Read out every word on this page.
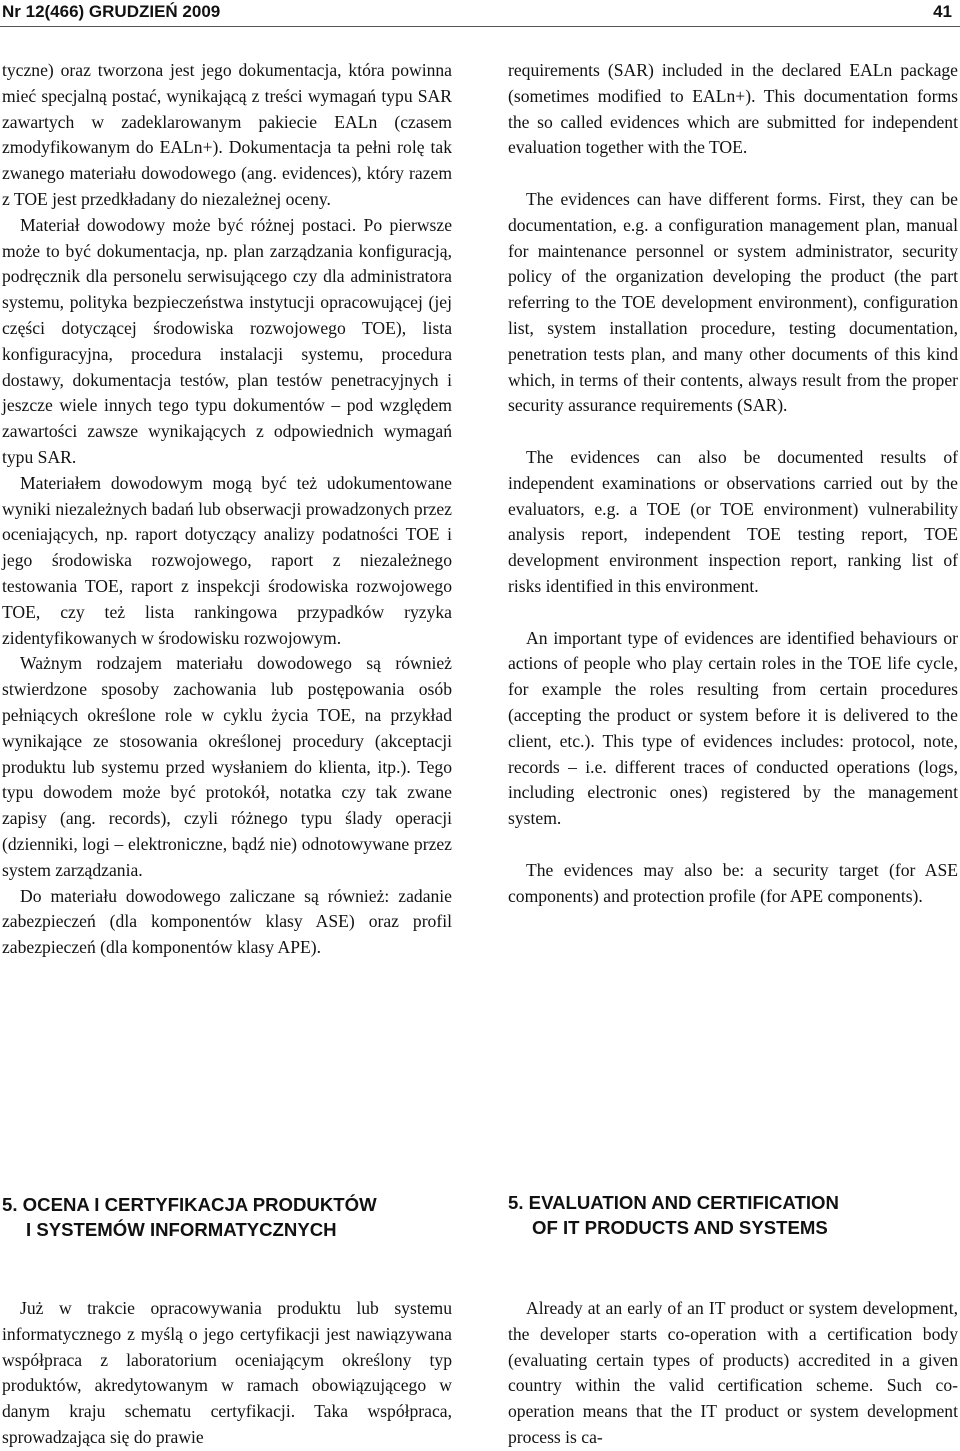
Nr 12(466) GRUDZIEŃ 2009	41

tyczne) oraz tworzona jest jego dokumentacja, która powinna mieć specjalną postać, wynikającą z treści wymagań typu SAR zawartych w zadeklarowanym pakiecie EALn (czasem zmodyfikowanym do EALn+). Dokumentacja ta pełni rolę tak zwanego materiału dowodowego (ang. evidences), który razem z TOE jest przedkładany do niezależnej oceny.

Materiał dowodowy może być różnej postaci. Po pierwsze może to być dokumentacja, np. plan zarządzania konfiguracją, podręcznik dla personelu serwisującego czy dla administratora systemu, polityka bezpieczeństwa instytucji opracowującej (jej części dotyczącej środowiska rozwojowego TOE), lista konfiguracyjna, procedura instalacji systemu, procedura dostawy, dokumentacja testów, plan testów penetracyjnych i jeszcze wiele innych tego typu dokumentów – pod względem zawartości zawsze wynikających z odpowiednich wymagań typu SAR.

Materiałem dowodowym mogą być też udokumentowane wyniki niezależnych badań lub obserwacji prowadzonych przez oceniających, np. raport dotyczący analizy podatności TOE i jego środowiska rozwojowego, raport z niezależnego testowania TOE, raport z inspekcji środowiska rozwojowego TOE, czy też lista rankingowa przypadków ryzyka zidentyfikowanych w środowisku rozwojowym.

Ważnym rodzajem materiału dowodowego są również stwierdzone sposoby zachowania lub postępowania osób pełniących określone role w cyklu życia TOE, na przykład wynikające ze stosowania określonej procedury (akceptacji produktu lub systemu przed wysłaniem do klienta, itp.). Tego typu dowodem może być protokół, notatka czy tak zwane zapisy (ang. records), czyli różnego typu ślady operacji (dzienniki, logi – elektroniczne, bądź nie) odnotowywane przez system zarządzania.

Do materiału dowodowego zaliczane są również: zadanie zabezpieczeń (dla komponentów klasy ASE) oraz profil zabezpieczeń (dla komponentów klasy APE).

requirements (SAR) included in the declared EALn package (sometimes modified to EALn+). This documentation forms the so called evidences which are submitted for independent evaluation together with the TOE.

The evidences can have different forms. First, they can be documentation, e.g. a configuration management plan, manual for maintenance personnel or system administrator, security policy of the organization developing the product (the part referring to the TOE development environment), configuration list, system installation procedure, testing documentation, penetration tests plan, and many other documents of this kind which, in terms of their contents, always result from the proper security assurance requirements (SAR).

The evidences can also be documented results of independent examinations or observations carried out by the evaluators, e.g. a TOE (or TOE environment) vulnerability analysis report, independent TOE testing report, TOE development environment inspection report, ranking list of risks identified in this environment.

An important type of evidences are identified behaviours or actions of people who play certain roles in the TOE life cycle, for example the roles resulting from certain procedures (accepting the product or system before it is delivered to the client, etc.). This type of evidences includes: protocol, note, records – i.e. different traces of conducted operations (logs, including electronic ones) registered by the management system.

The evidences may also be: a security target (for ASE components) and protection profile (for APE components).

5. OCENA I CERTYFIKACJA PRODUKTÓW
I SYSTEMÓW INFORMATYCZNYCH
5. EVALUATION AND CERTIFICATION
OF IT PRODUCTS AND SYSTEMS

Już w trakcie opracowywania produktu lub systemu informatycznego z myślą o jego certyfikacji jest nawiązywana współpraca z laboratorium oceniającym określony typ produktów, akredytowanym w ramach obowiązującego w danym kraju schematu certyfikacji. Taka współpraca, sprowadzająca się do prawie

Already at an early of an IT product or system development, the developer starts co-operation with a certification body (evaluating certain types of products) accredited in a given country within the valid certification scheme. Such co-operation means that the IT product or system development process is ca-
